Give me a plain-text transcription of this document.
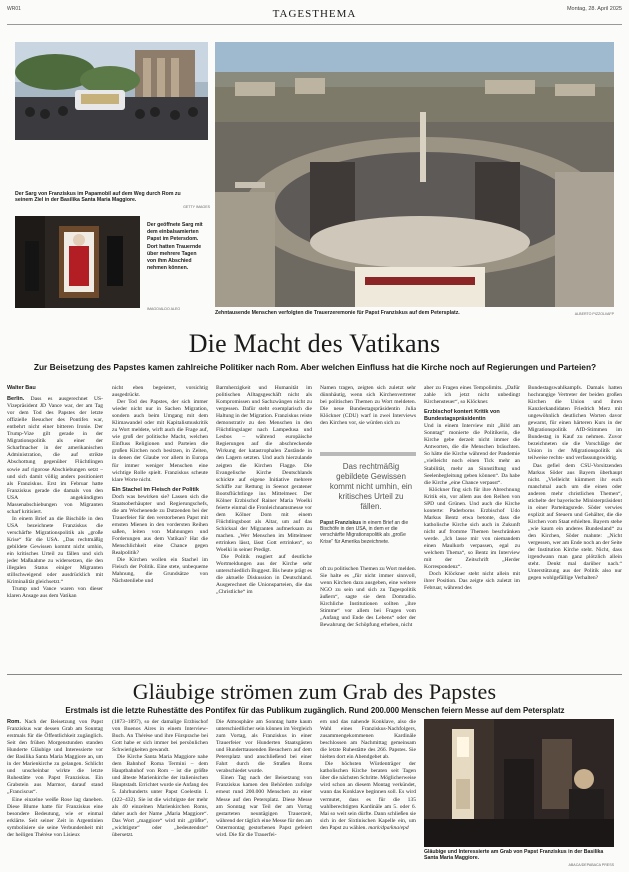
WR01	TAGESTHEMA	Montag, 28. April 2025
Der Sarg von Franziskus im Papamobil auf dem Weg durch Rom zu seinem Ziel in der Basilika Santa Maria Maggiore.
GETTY IMAGES
Der geöffnete Sarg mit dem einbalsamierten Papst im Petersdom. Dort hatten Trauernde über mehrere Tagen von ihm Abschied nehmen können.
IMAGO/ALDO ALEO
Zehntausende Menschen verfolgten die Trauerzeremonie für Papst Franziskus auf dem Petersplatz.	ALBERTO PIZZOLI/AFP
Die Macht des Vatikans
Zur Beisetzung des Papstes kamen zahlreiche Politiker nach Rom. Aber welchen Einfluss hat die Kirche noch auf Regierungen und Parteien?
Walter Bau

Berlin. Dass es ausgerechnet US-Vizepräsident JD Vance war, der am Tag vor dem Tod des Papstes der letzte offizielle Besucher des Pontifex war, entbehrt nicht einer bitteren Ironie. Der Trump-Vize gilt gerade in der Migrationspolitik als einer der Scharfmacher in der amerikanischen Administration, die auf strikte Abschottung gegenüber Flüchtlingen sowie auf rigorose Abschiebungen setzt – und sich damit völlig anders positioniert als Franziskus. Erst im Februar hatte Franziskus gerade die damals von den USA angekündigten Massenabschiebungen von Migranten scharf kritisiert.

In einem Brief an die Bischöfe in den USA bezeichnete Franziskus die verschärfte Migrationspolitik als „große Krise“ für die USA. „Das rechtmäßig gebildete Gewissen kommt nicht umhin, ein kritisches Urteil zu fällen und sich jeder Maßnahme zu widersetzen, die den illegalen Status einiger Migranten stillschweigend oder ausdrücklich mit Kriminalität gleichsetzt.“

Trump und Vance waren von dieser klaren Ansage aus dem Vatikan

nicht eben begeistert, vorsichtig ausgedrückt.

Der Tod des Papstes, der sich immer wieder nicht nur in Sachen Migration, sondern auch beim Umgang mit dem Klimawandel oder mit Kapitalismuskritik zu Wort meldete, wirft auch die Frage auf, wie groß der politische Macht, welchen Einfluss Religionen und Parteien die großen Kirchen noch besitzen, in Zeiten, in denen der Glaube vor allem in Europa für immer weniger Menschen eine wichtige Rolle spielt. Franziskus scheute klare Worte nicht.

Ein Stachel im Fleisch der Politik

Doch was bewirken sie? Lassen sich die Staatsoberhäupter und Regierungschefs, die am Wochenende zu Dutzenden bei der Trauerfeier für den verstorbenen Papst mit ernsten Mienen in den vordersten Reihen saßen, leiten von Mahnungen und Forderungen aus dem Vatikan? Hat die Menschlichkeit eine Chance gegen Realpolitik?

Die Kirchen wollen ein Stachel im Fleisch der Politik. Eine stete, unbequeme Mahnung, die Grundsätze von Nächstenliebe und

Barmherzigkeit und Humanität im politischen Alltagsgeschäft nicht als Kompromissen und Sachzwängen nicht zu vergessen. Dafür steht exemplarisch die Haltung in der Migration. Franziskus reiste demonstrativ zu den Menschen in den Flüchtlingslager nach Lampedusa und Lesbos – während europäische Regierungen auf die abschreckende Wirkung der katastrophalen Zustände in den Lagern setzten. Und auch hierzulande zeigten die Kirchen Flagge. Die Evangelische Kirche Deutschlands schickte auf eigene Initiative mehrere Schiffe zur Rettung in Seenot geratener Bootsflüchtlinge ins Mittelmeer. Der Kölner Erzbischof Rainer Maria Woelki feierte einmal die Fronleichnamsmesse vor dem Kölner Dom mit einem Flüchtlingsboot als Altar, um auf das Schicksal der Migranten aufmerksam zu machen. „Wer Menschen im Mittelmeer ertrinken lässt, lässt Gott ertrinken“, so Woelki in seiner Predigt.

Die Politik reagiert auf deutliche Wortmeldungen aus der Kirche sehr unterschiedlich Buggest. Bis heute prägt es die aktuelle Diskussion in Deutschland. Ausgerechnet die Unionsparteien, die das „Christliche“ im

Namen tragen, zeigten sich zuletzt sehr dünnhäutig, wenn sich Kirchenvertreter bei politischen Themen zu Wort meldeten. Die neue Bundestagspräsidentin Julia Klöckner (CDU) warf in zwei Interviews den Kirchen vor, sie würden sich zu

Das rechtmäßig gebildete Gewissen kommt nicht umhin, ein kritisches Urteil zu fällen.
Papst Franziskus in einem Brief an die Bischöfe in den USA, in dem er die verschärfte Migrationspolitik als „große Krise“ für Amerika bezeichnete.

oft zu politischen Themen zu Wort melden. Sie halte es „für nicht immer sinnvoll, wenn Kirchen dazu ausgeben, eine weitere NGO zu sein und sich zu Tagespolitik äußern“, sagte sie dem Domradio. Kirchliche Institutionen sollten „ihre Stimme“ vor allem bei Fragen vom „Anfang und Ende des Lebens“ oder der Bewahrung der Schöpfung erheben, nicht

aber zu Fragen eines Tempolimits. „Dafür zahle ich jetzt nicht unbedingt Kirchensteuer“, so Klöckner.

Erzbischof kontert Kritik von Bundestagspräsidentin

Und in einem Interview mit „Bild am Sonntag“ monierte die Politikerin, die Kirche gebe derzeit nicht immer die Antworten, die die Menschen bräuchten. So hätte die Kirche während der Pandemie „vielleicht noch einen Tick mehr an Stabilität, mehr an Sinnstiftung und Seelenbegleitung geben können“. Da habe die Kirche „eine Chance verpasst“.

Klöckner fing sich für ihre Abrechnung Kritik ein, vor allem aus den Reihen von SPD und Grünen. Und auch die Kirche konterte: Paderborns Erzbischof Udo Markus Bentz etwa betonte, dass die katholische Kirche sich auch in Zukunft nicht auf fromme Themen beschränken werde. „Ich lasse mir von niemandem einen Maulkorb verpassen, egal zu welchem Thema“, so Bentz im Interview mit der Zeitschrift „Herder Korrespondenz“.

Doch Klöckner steht nicht allein mit ihrer Position. Das zeigte sich zuletzt im Februar, während des

Bundestagswahlkampfs. Damals hatten hochrangige Vertreter der beiden großen Kirchen die Union und ihren Kanzlerkandidaten Friedrich Merz mit ungewöhnlich deutlichen Worten davor gewarnt, für einen härteren Kurs in der Migrationspolitik AfD-Stimmen im Bundestag in Kauf zu nehmen. Zuvor bezeichneten sie die Vorschläge der Union in der Migrationspolitik als teilweise rechts- und verfassungswidrig.

Das gefiel dem CSU-Vorsitzenden Markus Söder aus Bayern überhaupt nicht. „Vielleicht kümmert ihr euch manchmal auch um die einen oder anderen mehr christlichen Themen“, stichelte der bayerische Ministerpräsident in einer Parteitagsrede. Söder verwies explizit auf Steuern und Gehälter, die die Kirchen vom Staat erhielten. Bayern stehe „wie kaum ein anderes Bundesland“ zu den Kirchen, Söder mahnte: „Nicht vergessen, wer am Ende noch an der Seite der Institution Kirche steht. Nicht, dass irgendwann man ganz plötzlich allein steht. Denkt mal darüber nach.“ Unterstützung aus der Politik also nur gegen wohlgefällige Verhalten?

Gläubige strömen zum Grab des Papstes
Erstmals ist die letzte Ruhestätte des Pontifex für das Publikum zugänglich. Rund 200.000 Menschen feiern Messe auf dem Petersplatz

Rom. Nach der Beisetzung von Papst Franziskus war dessen Grab am Sonntag erstmals für die Öffentlichkeit zugänglich. Seit den frühen Morgenstunden standen Hunderte Gläubige und Interessierte vor der Basilika Santa Maria Maggiore an, um in der Marienkirche zu gelangen. Schlicht und unscheinbar wirkte die letzte Ruhestätte von Papst Franziskus. Ein Grabstein aus Marmor, darauf stand „Franciscus“.

Eine einzelne weiße Rose lag daneben. Diese Blume hatte für Franziskus eine besondere Bedeutung, wie er einmal erklärte. Seit seiner Zeit in Argentinien symbolisiere sie seine Verbundenheit mit der heiligen Thérèse von Lisieux

(1873–1897), so der damalige Erzbischof von Buenos Aires in einem Interview-Buch. An Thérèse und ihre Fürsprache bei Gott habe er sich immer bei persönlichen Schwierigkeiten gewandt.

Die Kirche Santa Maria Maggiore nahe dem Bahnhof Roma Termini – dem Hauptbahnhof von Rom – ist die größte und älteste Marienkirche der italienischen Hauptstadt. Errichtet wurde sie Anfang des 5. Jahrhunderts unter Papst Coelestin I. (422–432). Sie ist die wichtigste der mehr als 40 einzelnen Marienkirchen Roms, daher auch der Name „Maria Maggiore“. Das Wort „maggiore“ wird mit „größte“, „wichtigste“ oder „bedeutendste“ übersetzt.

Die Atmosphäre am Sonntag hatte kaum unterschiedlicher sein können im Vergleich zum Vortag, als Franziskus in einer Trauerfeier vor Hunderten Staatsgästen und Hunderttausenden Besuchern auf dem Petersplatz und anschließend bei einer Fahrt durch die Straßen Roms verabschiedet wurde.

Einen Tag nach der Beisetzung von Franziskus kamen den Behörden zufolge erneut rund 200.000 Menschen zu einer Messe auf den Petersplatz. Diese Messe am Sonntag war Teil der am Vortag gestarteten neuntägigen Trauerzeit, während der täglich eine Messe für den am Ostermontag gestorbenen Papst gefeiert wird. Die für die Trauerfei-

ern und das nahende Konklave, also die Wahl eines Franziskus-Nachfolgers, zusammengekommenen Kardinäle beschlossen am Nachmittag gemeinsam die letzte Ruhestätte des 266. Papstes. Sie hielten dort ein Abendgebet ab.

Die höchsten Würdenträger der katholischen Kirche beraten seit Tagen über die nächsten Schritte. Möglicherweise wird schon an diesem Montag verkündet, wann das Konklave beginnen soll. Es wird vermutet, dass es für die 135 wahlberechtigten Kardinäle am 5. oder 6. Mai so weit sein dürfte. Dann schließen sie sich in der Sixtinischen Kapelle ein, um den Papst zu wählen. mark/dpa/kna/epd

Gläubige und Interessierte am Grab von Papst Franziskus in der Basilika Santa Maria Maggiore.
ABACA/DEPABACA PRESS
